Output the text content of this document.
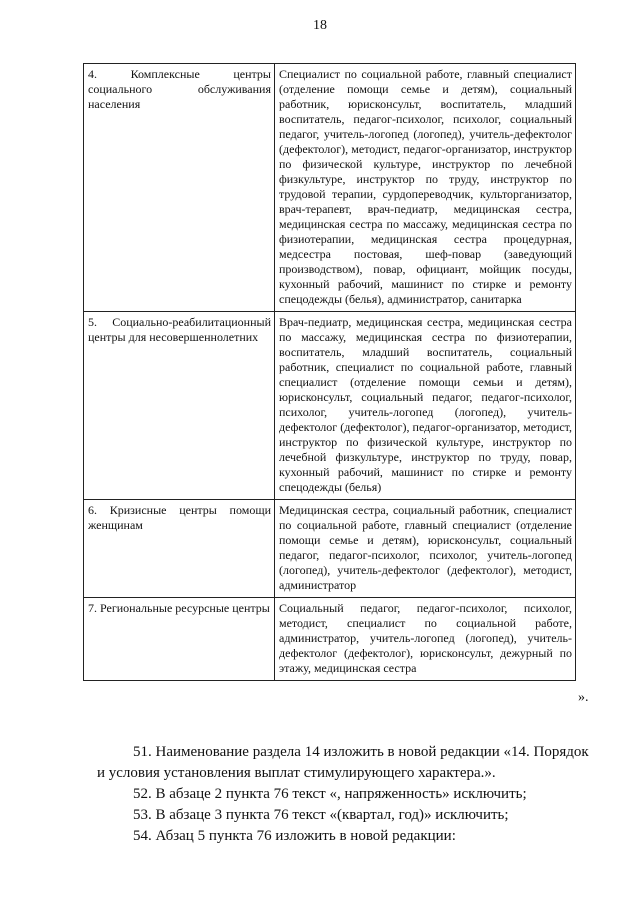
18
4. Комплексные центры социального обслуживания населения	Специалист по социальной работе, главный специалист (отделение помощи семье и детям), социальный работник, юрисконсульт, воспитатель, младший воспитатель, педагог-психолог, психолог, социальный педагог, учитель-логопед (логопед), учитель-дефектолог (дефектолог), методист, педагог-организатор, инструктор по физической культуре, инструктор по лечебной физкультуре, инструктор по труду, инструктор по трудовой терапии, сурдопереводчик, культорганизатор, врач-терапевт, врач-педиатр, медицинская сестра, медицинская сестра по массажу, медицинская сестра по физиотерапии, медицинская сестра процедурная, медсестра постовая, шеф-повар (заведующий производством), повар, официант, мойщик посуды, кухонный рабочий, машинист по стирке и ремонту спецодежды (белья), администратор, санитарка
5. Социально-реабилитационный центры для несовершеннолетних	Врач-педиатр, медицинская сестра, медицинская сестра по массажу, медицинская сестра по физиотерапии, воспитатель, младший воспитатель, социальный работник, специалист по социальной работе, главный специалист (отделение помощи семьи и детям), юрисконсульт, социальный педагог, педагог-психолог, психолог, учитель-логопед (логопед), учитель-дефектолог (дефектолог), педагог-организатор, методист, инструктор по физической культуре, инструктор по лечебной физкультуре, инструктор по труду, повар, кухонный рабочий, машинист по стирке и ремонту спецодежды (белья)
6. Кризисные центры помощи женщинам	Медицинская сестра, социальный работник, специалист по социальной работе, главный специалист (отделение помощи семье и детям), юрисконсульт, социальный педагог, педагог-психолог, психолог, учитель-логопед (логопед), учитель-дефектолог (дефектолог), методист, администратор
7. Региональные ресурсные центры	Социальный педагог, педагог-психолог, психолог, методист, специалист по социальной работе, администратор, учитель-логопед (логопед), учитель-дефектолог (дефектолог), юрисконсульт, дежурный по этажу, медицинская сестра
».
51. Наименование раздела 14 изложить в новой редакции «14. Порядок
и условия установления выплат стимулирующего характера.».
52. В абзаце 2 пункта 76 текст «, напряженность» исключить;
53. В абзаце 3 пункта 76 текст «(квартал, год)» исключить;
54. Абзац 5 пункта 76 изложить в новой редакции:
